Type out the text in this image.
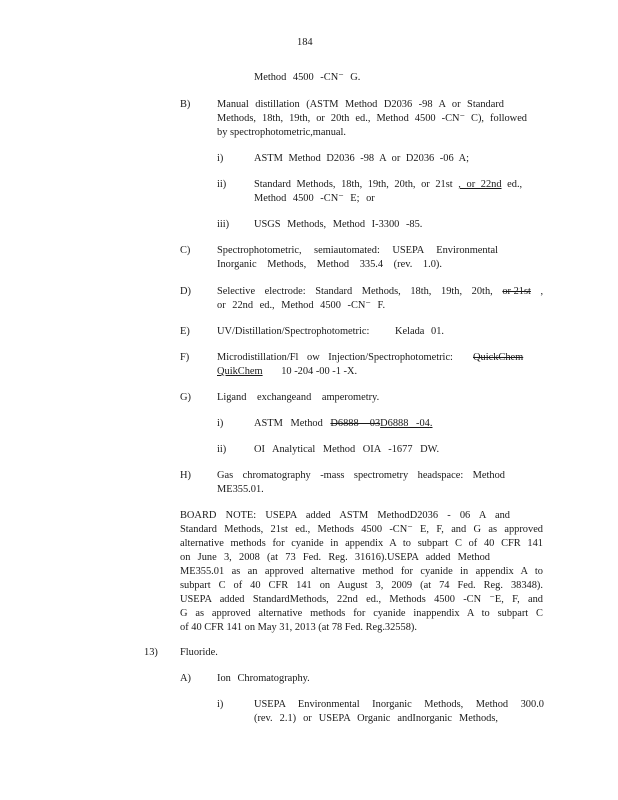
184
Method 4500 -CN⁻ G.
B)	Manual distillation (ASTM Method D2036 -98 A or Standard
Methods, 18th, 19th, or 20th ed., Method 4500 -CN⁻ C), followed
by spectrophotometric,manual.
i)	ASTM Method D2036 -98 A or D2036 -06 A;
ii)	Standard Methods, 18th, 19th, 20th, or 21st , or 22nd ed.,
Method 4500 -CN⁻ E; or
iii) USGS Methods, Method I-3300 -85.
C)	Spectrophotometric, semiautomated: USEPA Environmental
Inorganic Methods, Method 335.4 (rev. 1.0).
D)	Selective electrode: Standard Methods, 18th, 19th, 20th, or 21st ,
or 22nd ed., Method 4500 -CN⁻ F.
E)	UV/Distillation/Spectrophotometric: Kelada 01.
F)	Microdistillation/Fl ow Injection/Spectrophotometric: QuickChem
QuikChem 10 -204 -00 -1 -X.
G)	Ligand exchangeand amperometry.
i)	ASTM Method D6888 -03D6888 -04.
ii)	OI Analytical Method OIA -1677 DW.
H)	Gas chromatography -mass spectrometry headspace: Method
ME355.01.
BOARD NOTE: USEPA added ASTM MethodD2036 - 06 A and
Standard Methods, 21st ed., Methods 4500 -CN⁻ E, F, and G as approved
alternative methods for cyanide in appendix A to subpart C of 40 CFR 141
on June 3, 2008 (at 73 Fed. Reg. 31616).USEPA added Method
ME355.01 as an approved alternative method for cyanide in appendix A to
subpart C of 40 CFR 141 on August 3, 2009 (at 74 Fed. Reg. 38348).
USEPA added StandardMethods, 22nd ed., Methods 4500 -CN ⁻E, F, and
G as approved alternative methods for cyanide inappendix A to subpart C
of 40 CFR 141 on May 31, 2013 (at 78 Fed. Reg.32558).
13) Fluoride.
A)	Ion Chromatography.
i)	USEPA Environmental Inorganic Methods, Method 300.0
(rev. 2.1) or USEPA Organic andInorganic Methods,
